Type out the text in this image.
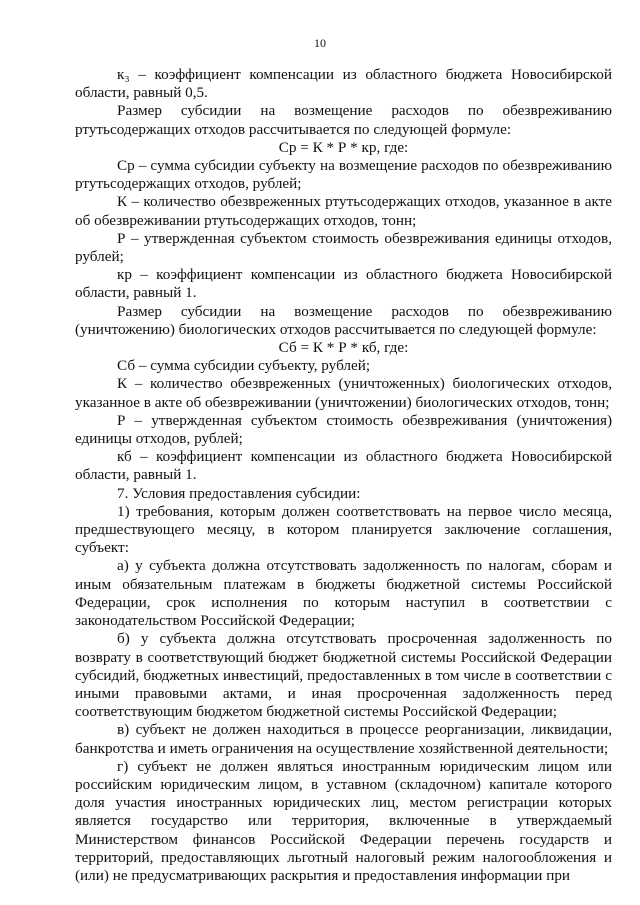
10

к₃ – коэффициент компенсации из областного бюджета Новосибирской области, равный 0,5.

Размер субсидии на возмещение расходов по обезвреживанию ртутьсодержащих отходов рассчитывается по следующей формуле:

Ср = К * Р * кр, где:

Ср – сумма субсидии субъекту на возмещение расходов по обезвреживанию ртутьсодержащих отходов, рублей;

К – количество обезвреженных ртутьсодержащих отходов, указанное в акте об обезвреживании ртутьсодержащих отходов, тонн;

Р – утвержденная субъектом стоимость обезвреживания единицы отходов, рублей;

кр – коэффициент компенсации из областного бюджета Новосибирской области, равный 1.

Размер субсидии на возмещение расходов по обезвреживанию (уничтожению) биологических отходов рассчитывается по следующей формуле:

Сб = К * Р * кб, где:

Сб – сумма субсидии субъекту, рублей;

К – количество обезвреженных (уничтоженных) биологических отходов, указанное в акте об обезвреживании (уничтожении) биологических отходов, тонн;

Р – утвержденная субъектом стоимость обезвреживания (уничтожения) единицы отходов, рублей;

кб – коэффициент компенсации из областного бюджета Новосибирской области, равный 1.

7. Условия предоставления субсидии:

1) требования, которым должен соответствовать на первое число месяца, предшествующего месяцу, в котором планируется заключение соглашения, субъект:

а) у субъекта должна отсутствовать задолженность по налогам, сборам и иным обязательным платежам в бюджеты бюджетной системы Российской Федерации, срок исполнения по которым наступил в соответствии с законодательством Российской Федерации;

б) у субъекта должна отсутствовать просроченная задолженность по возврату в соответствующий бюджет бюджетной системы Российской Федерации субсидий, бюджетных инвестиций, предоставленных в том числе в соответствии с иными правовыми актами, и иная просроченная задолженность перед соответствующим бюджетом бюджетной системы Российской Федерации;

в) субъект не должен находиться в процессе реорганизации, ликвидации, банкротства и иметь ограничения на осуществление хозяйственной деятельности;

г) субъект не должен являться иностранным юридическим лицом или российским юридическим лицом, в уставном (складочном) капитале которого доля участия иностранных юридических лиц, местом регистрации которых является государство или территория, включенные в утверждаемый Министерством финансов Российской Федерации перечень государств и территорий, предоставляющих льготный налоговый режим налогообложения и (или) не предусматривающих раскрытия и предоставления информации при
